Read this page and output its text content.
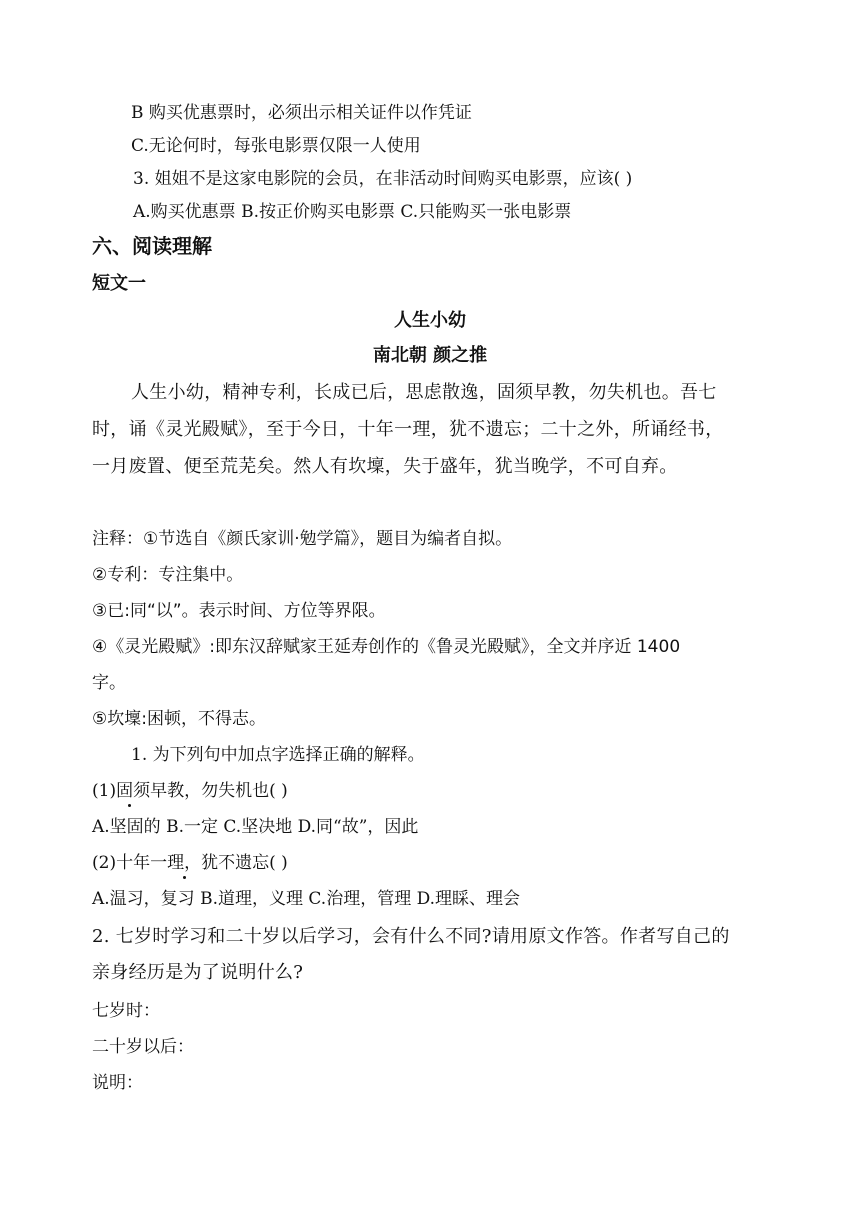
B 购买优惠票时，必须出示相关证件以作凭证
C.无论何时，每张电影票仅限一人使用
3. 姐姐不是这家电影院的会员，在非活动时间购买电影票，应该( )
A.购买优惠票 B.按正价购买电影票 C.只能购买一张电影票
六、阅读理解
短文一
人生小幼
南北朝 颜之推
人生小幼，精神专利，长成已后，思虑散逸，固须早教，勿失机也。吾七
时，诵《灵光殿赋》，至于今日，十年一理，犹不遗忘；二十之外，所诵经书，
一月废置、便至荒芜矣。然人有坎壈，失于盛年，犹当晚学，不可自弃。
注释：①节选自《颜氏家训·勉学篇》，题目为编者自拟。
②专利：专注集中。
③已:同“以”。表示时间、方位等界限。
④《灵光殿赋》:即东汉辞赋家王延寿创作的《鲁灵光殿赋》，全文并序近 1400
字。
⑤坎壈:困顿，不得志。
1. 为下列句中加点字选择正确的解释。
(1)固须早教，勿失机也( )
A.坚固的 B.一定 C.坚决地 D.同“故”，因此
(2)十年一理，犹不遗忘( )
A.温习，复习 B.道理，义理 C.治理，管理 D.理睬、理会
2. 七岁时学习和二十岁以后学习，会有什么不同?请用原文作答。作者写自己的
亲身经历是为了说明什么?
七岁时：
二十岁以后：
说明：
